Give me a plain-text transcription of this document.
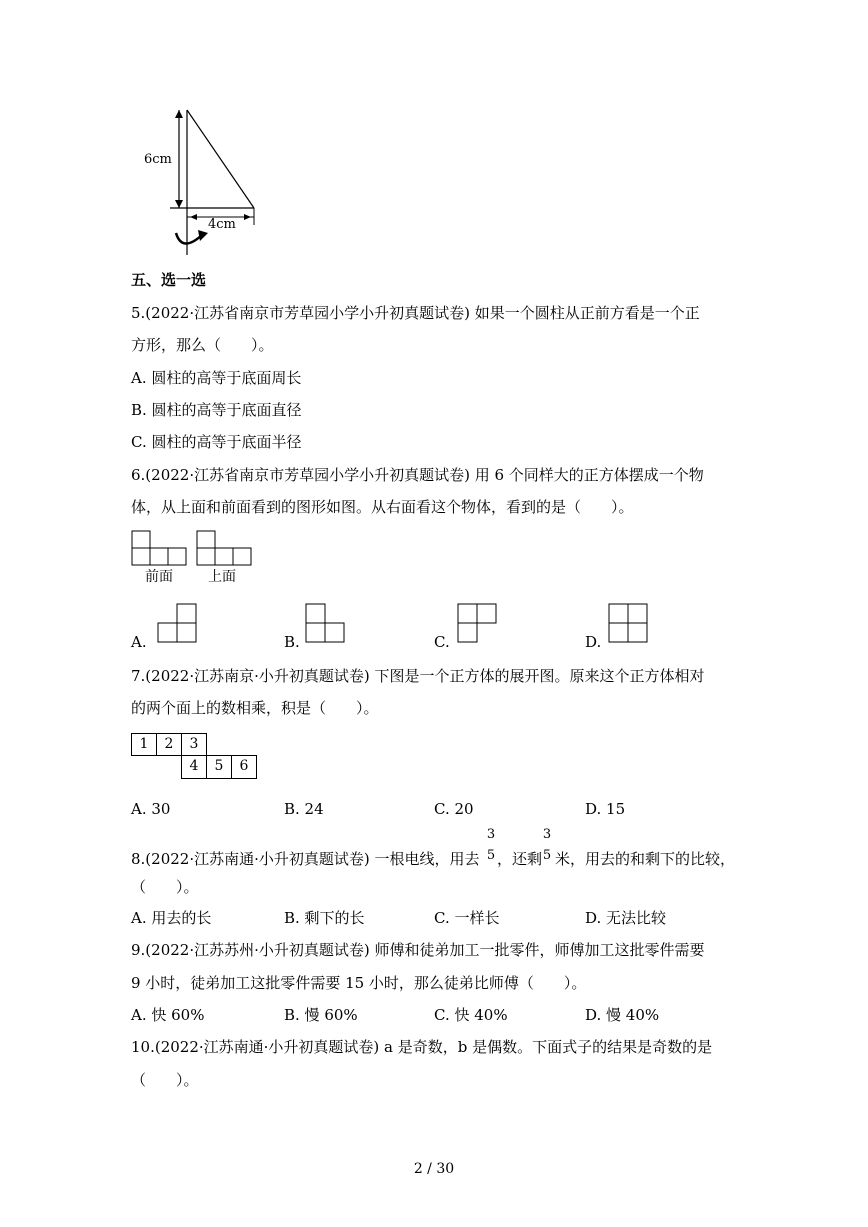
6cm
4cm
五、选一选
5.(2022·江苏省南京市芳草园小学小升初真题试卷) 如果一个圆柱从正前方看是一个正
方形，那么（　　）。
A. 圆柱的高等于底面周长
B. 圆柱的高等于底面直径
C. 圆柱的高等于底面半径
6.(2022·江苏省南京市芳草园小学小升初真题试卷) 用 6 个同样大的正方体摆成一个物
体，从上面和前面看到的图形如图。从右面看这个物体，看到的是（　　）。
前面	上面
A.	B.	C.	D.
7.(2022·江苏南京·小升初真题试卷) 下图是一个正方体的展开图。原来这个正方体相对
的两个面上的数相乘，积是（　　）。
1	2	3
4	5	6
A. 30	B. 24	C. 20	D. 15
8.(2022·江苏南通·小升初真题试卷) 一根电线，用去
3
5 ，还剩
3
5 米，用去的和剩下的比较，
（　　）。
A. 用去的长	B. 剩下的长	C. 一样长	D. 无法比较
9.(2022·江苏苏州·小升初真题试卷) 师傅和徒弟加工一批零件，师傅加工这批零件需要
9 小时，徒弟加工这批零件需要 15 小时，那么徒弟比师傅（　　）。
A. 快 60%	B. 慢 60%	C. 快 40%	D. 慢 40%
10.(2022·江苏南通·小升初真题试卷) a 是奇数，b 是偶数。下面式子的结果是奇数的是
（　　）。
2 / 30
